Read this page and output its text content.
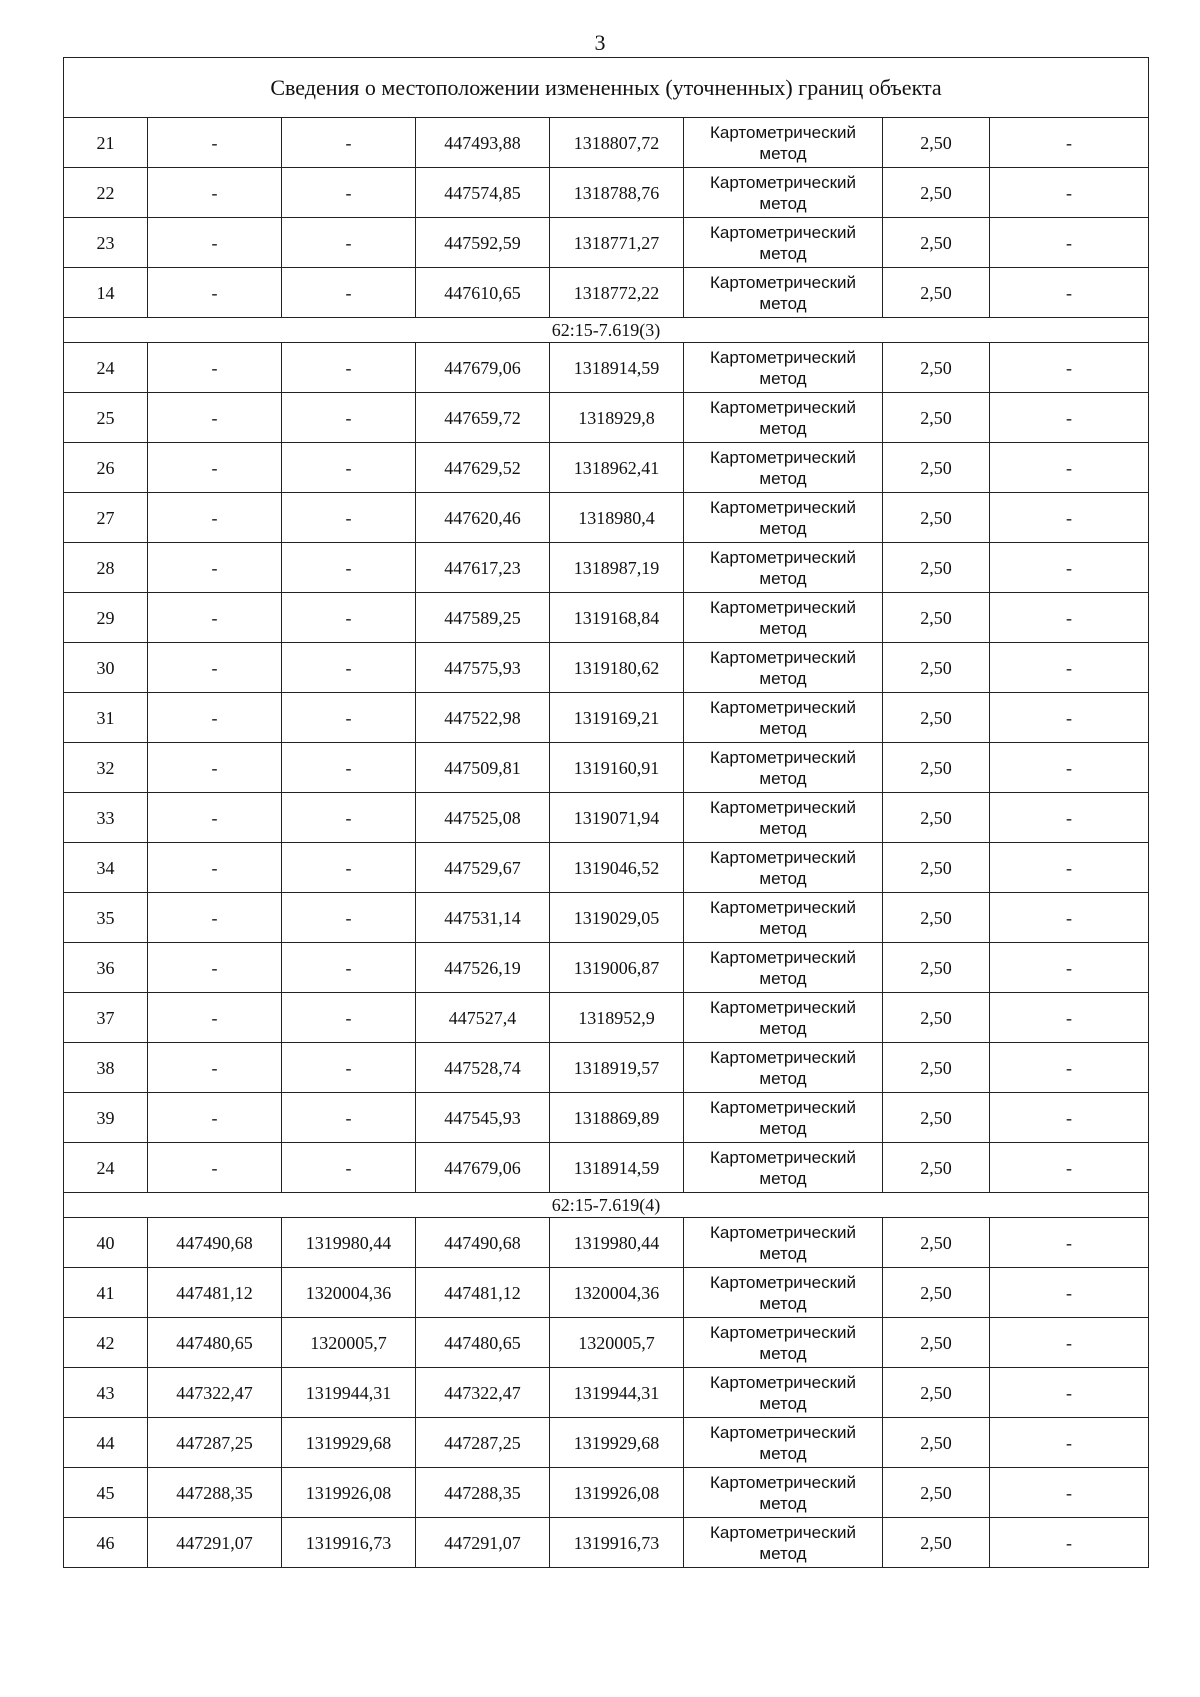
3
Сведения о местоположении измененных (уточненных) границ объекта							
21	-	-	447493,88	1318807,72	Картометрический
метод	2,50	-
22	-	-	447574,85	1318788,76	Картометрический
метод	2,50	-
23	-	-	447592,59	1318771,27	Картометрический
метод	2,50	-
14	-	-	447610,65	1318772,22	Картометрический
метод	2,50	-
62:15-7.619(3)							
24	-	-	447679,06	1318914,59	Картометрический
метод	2,50	-
25	-	-	447659,72	1318929,8	Картометрический
метод	2,50	-
26	-	-	447629,52	1318962,41	Картометрический
метод	2,50	-
27	-	-	447620,46	1318980,4	Картометрический
метод	2,50	-
28	-	-	447617,23	1318987,19	Картометрический
метод	2,50	-
29	-	-	447589,25	1319168,84	Картометрический
метод	2,50	-
30	-	-	447575,93	1319180,62	Картометрический
метод	2,50	-
31	-	-	447522,98	1319169,21	Картометрический
метод	2,50	-
32	-	-	447509,81	1319160,91	Картометрический
метод	2,50	-
33	-	-	447525,08	1319071,94	Картометрический
метод	2,50	-
34	-	-	447529,67	1319046,52	Картометрический
метод	2,50	-
35	-	-	447531,14	1319029,05	Картометрический
метод	2,50	-
36	-	-	447526,19	1319006,87	Картометрический
метод	2,50	-
37	-	-	447527,4	1318952,9	Картометрический
метод	2,50	-
38	-	-	447528,74	1318919,57	Картометрический
метод	2,50	-
39	-	-	447545,93	1318869,89	Картометрический
метод	2,50	-
24	-	-	447679,06	1318914,59	Картометрический
метод	2,50	-
62:15-7.619(4)							
40	447490,68	1319980,44	447490,68	1319980,44	Картометрический
метод	2,50	-
41	447481,12	1320004,36	447481,12	1320004,36	Картометрический
метод	2,50	-
42	447480,65	1320005,7	447480,65	1320005,7	Картометрический
метод	2,50	-
43	447322,47	1319944,31	447322,47	1319944,31	Картометрический
метод	2,50	-
44	447287,25	1319929,68	447287,25	1319929,68	Картометрический
метод	2,50	-
45	447288,35	1319926,08	447288,35	1319926,08	Картометрический
метод	2,50	-
46	447291,07	1319916,73	447291,07	1319916,73	Картометрический
метод	2,50	-
